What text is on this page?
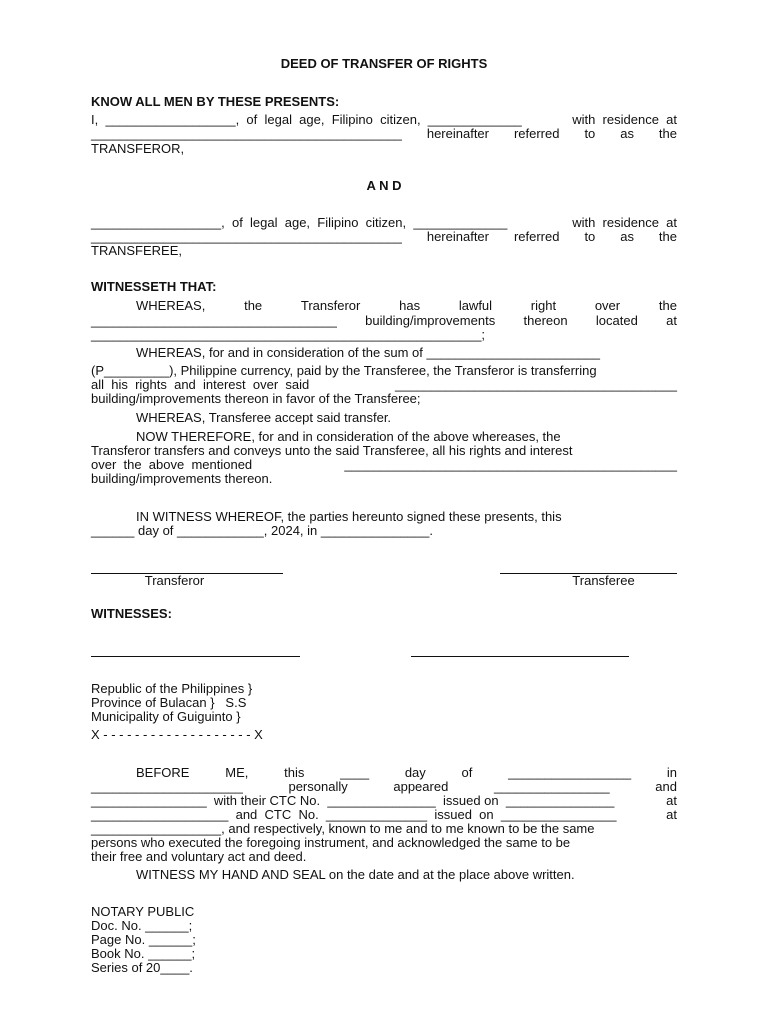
DEED OF TRANSFER OF RIGHTS
KNOW ALL MEN BY THESE PRESENTS:
I,  __________________,  of  legal  age,  Filipino  citizen,  _____________	with  residence  at
___________________________________________ hereinafter referred to as the
TRANSFEROR,
A N D
__________________,  of  legal  age,  Filipino  citizen,  _____________	with  residence  at
___________________________________________ hereinafter referred to as the
TRANSFEREE,
WITNESSETH THAT:
WHEREAS,	the	Transferor	has	lawful	right	over	the
__________________________________ building/improvements thereon located at
______________________________________________________;
WHEREAS, for and in consideration of the sum of ________________________
(P_________), Philippine currency, paid by the Transferee, the Transferor is transferring
all  his  rights  and  interest  over  said	_______________________________________
building/improvements thereon in favor of the Transferee;
WHEREAS, Transferee accept said transfer.
NOW THEREFORE, for and in consideration of the above whereases, the
Transferor transfers and conveys unto the said Transferee, all his rights and interest
over  the  above  mentioned	______________________________________________
building/improvements thereon.
IN WITNESS WHEREOF, the parties hereunto signed these presents, this
______ day of ____________, 2024, in _______________.
Transferor	Transferee
WITNESSES:
Republic of the Philippines }
Province of Bulacan }   S.S
Municipality of Guiguinto }
X - - - - - - - - - - - - - - - - - - - X
BEFORE	ME,	this	____	day	of	_________________	in
_____________________	personally	appeared	________________	and
________________  with their CTC No.  _______________  issued on  _______________	at
___________________  and  CTC  No.  ______________  issued  on  ________________	at
__________________, and respectively, known to me and to me known to be the same
persons who executed the foregoing instrument, and acknowledged the same to be
their free and voluntary act and deed.
WITNESS MY HAND AND SEAL on the date and at the place above written.
NOTARY PUBLIC
Doc. No. ______;
Page No. ______;
Book No. ______;
Series of 20____.
